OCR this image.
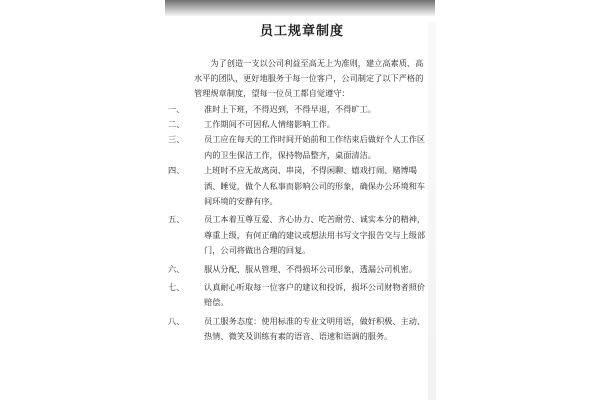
员工规章制度
为了创造一支以公司利益至高无上为准则，建立高素质、高水平的团队，更好地服务于每一位客户，公司制定了以下严格的管理规章制度，望每一位员工都自觉遵守：
一、	准时上下班，不得迟到，不得早退，不得旷工。
二、	工作期间不可因私人情绪影响工作。
三、	员工应在每天的工作时间开始前和工作结束后做好个人工作区内的卫生保洁工作，保持物品整齐，桌面清洁。
四、	上班时不应无故离岗、串岗，不得闲聊、嬉戏打闹、赌博喝酒、睡觉，做个人私事而影响公司的形象，确保办公环境和车间环境的安静有序。
五、	员工本着互尊互爱、齐心协力、吃苦耐劳、诚实本分的精神，尊重上级，有何正确的建议或想法用书写文字报告交与上级部门，公司将做出合理的回复。
六、	服从分配、服从管理、不得损坏公司形象，透漏公司机密。
七、	认真耐心听取每一位客户的建议和投诉，损坏公司财物者照价赔偿。
八、	员工服务态度：使用标准的专业文明用语，做好积极、主动、热情、微笑及训练有素的语音、语速和语调的服务。
